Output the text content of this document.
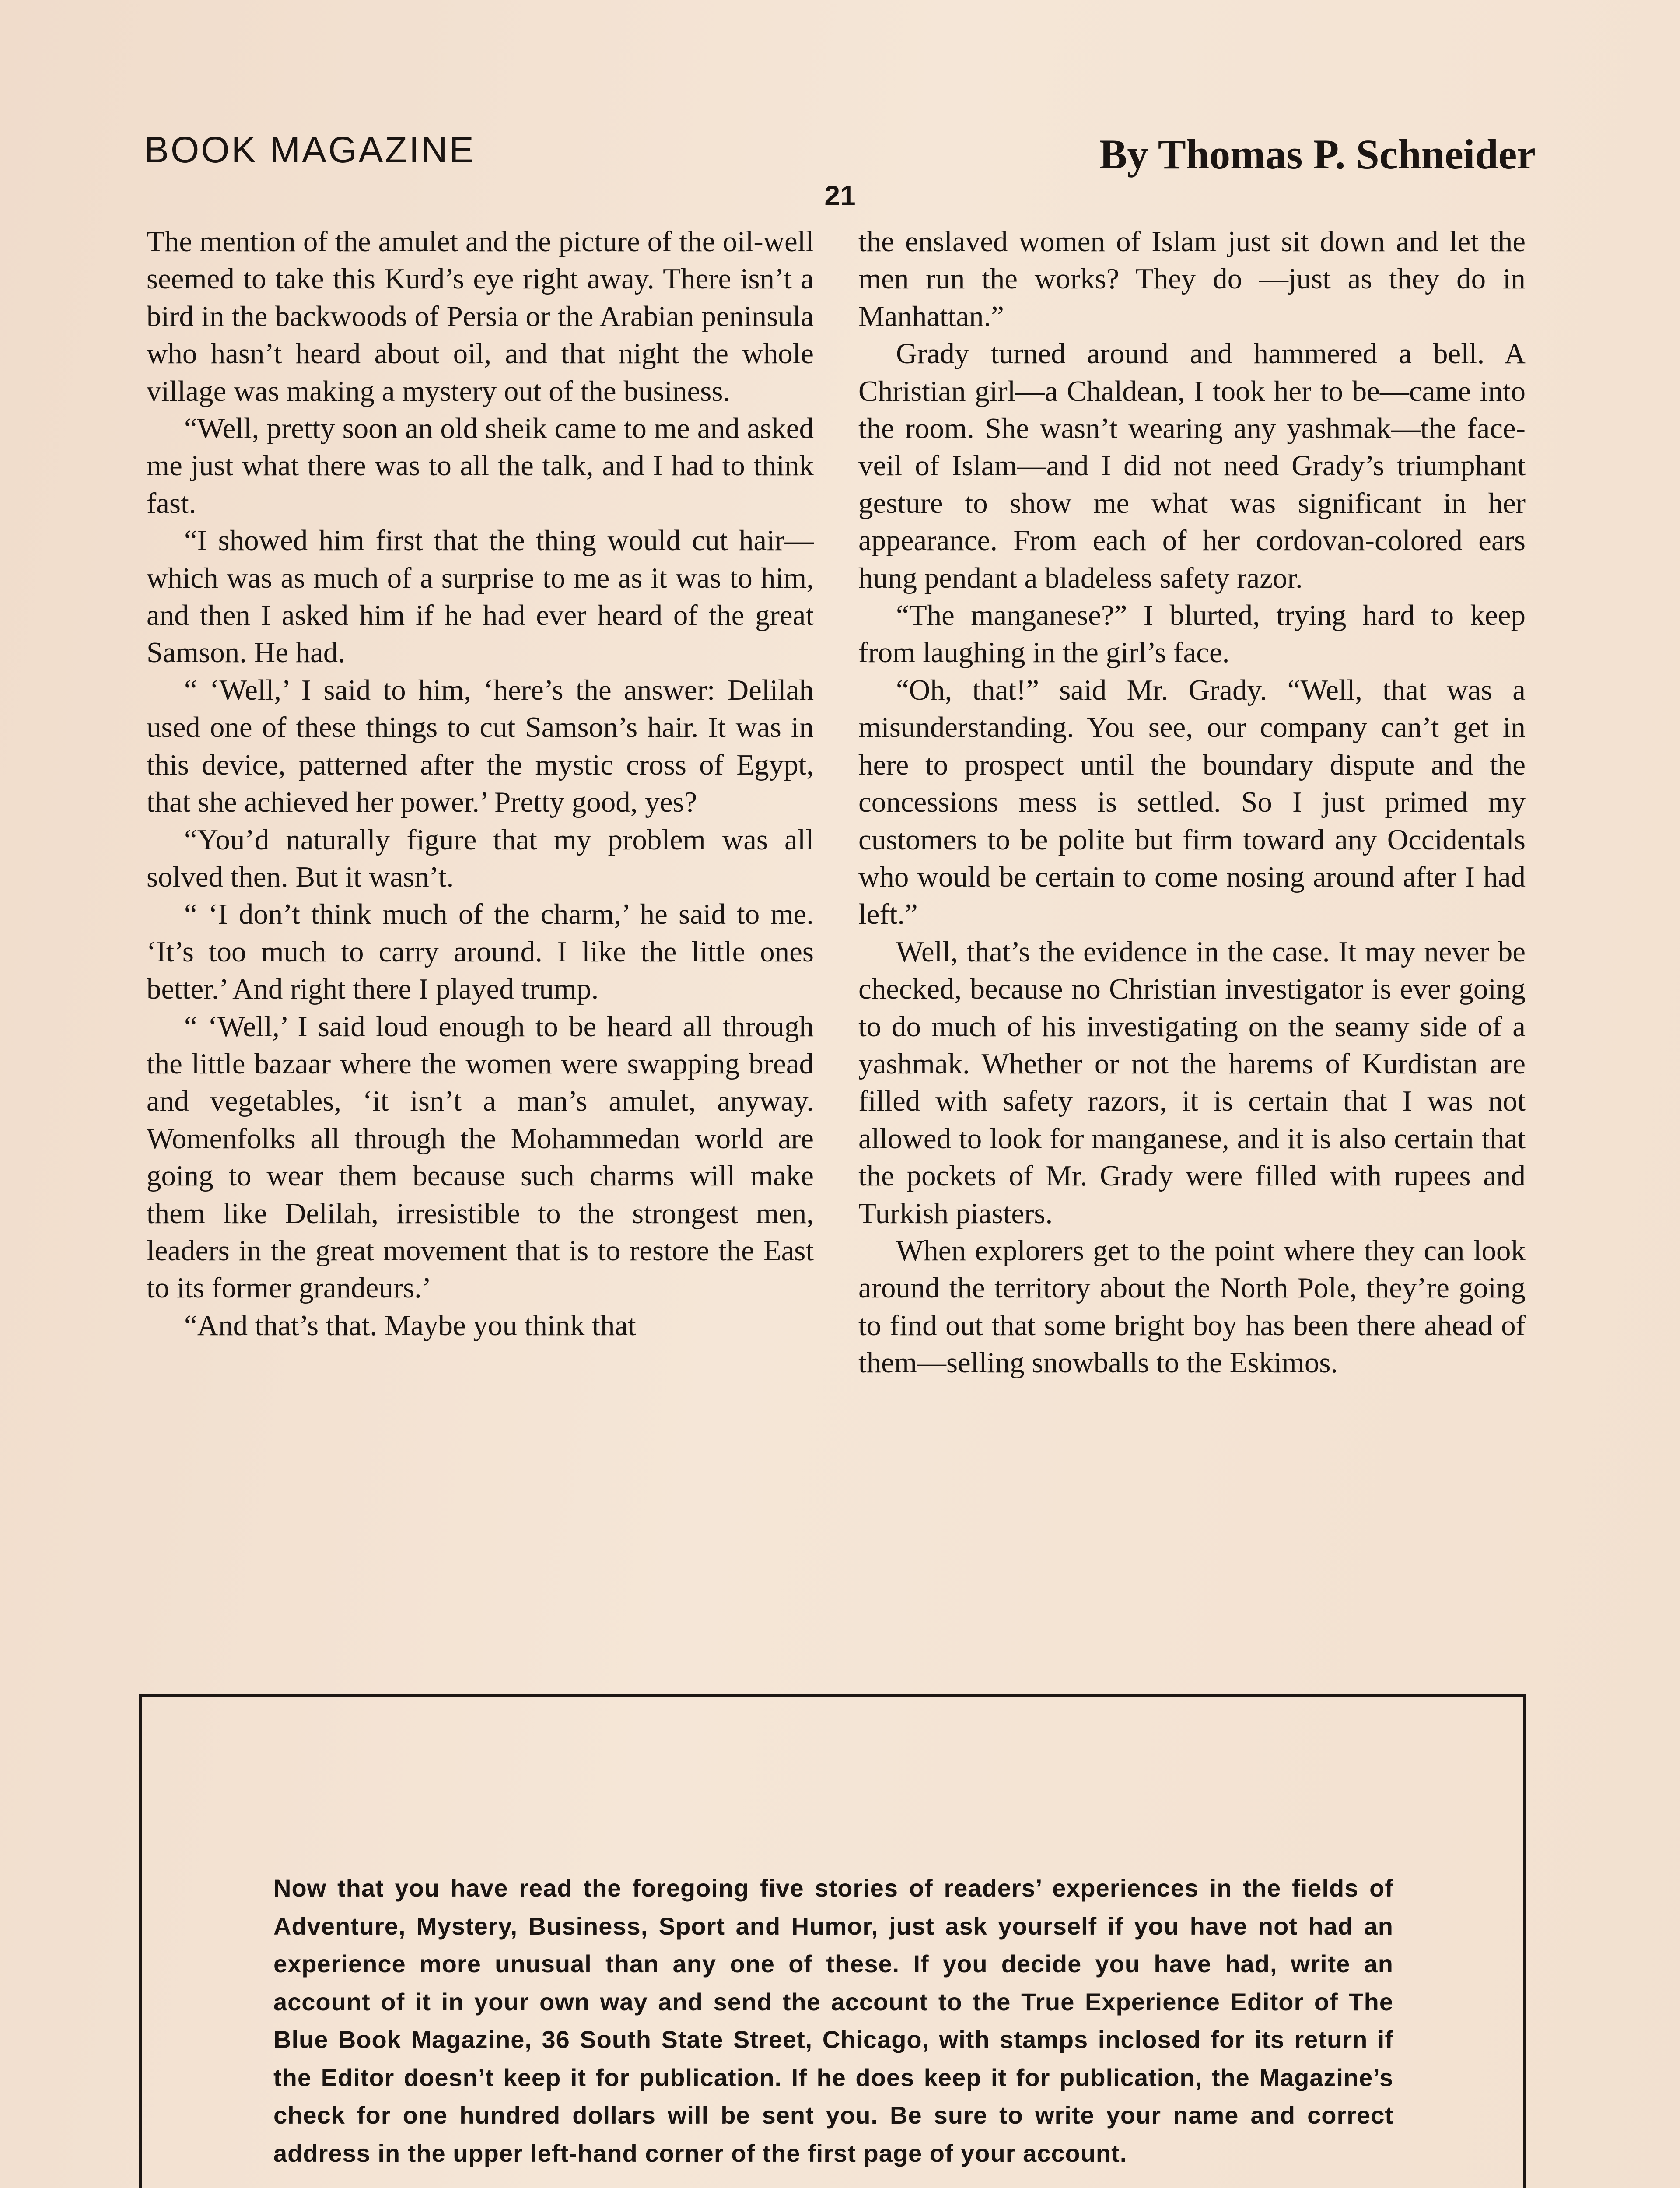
BOOK MAGAZINE	By Thomas P. Schneider
21

The mention of the amulet and the picture of the oil-well seemed to take this Kurd’s eye right away. There isn’t a bird in the backwoods of Persia or the Arabian peninsula who hasn’t heard about oil, and that night the whole village was making a mystery out of the business.

“Well, pretty soon an old sheik came to me and asked me just what there was to all the talk, and I had to think fast.

“I showed him first that the thing would cut hair—which was as much of a surprise to me as it was to him, and then I asked him if he had ever heard of the great Samson. He had.

“ ‘Well,’ I said to him, ‘here’s the answer: Delilah used one of these things to cut Samson’s hair. It was in this device, patterned after the mystic cross of Egypt, that she achieved her power.’ Pretty good, yes?

“You’d naturally figure that my problem was all solved then. But it wasn’t.

“ ‘I don’t think much of the charm,’ he said to me. ‘It’s too much to carry around. I like the little ones better.’ And right there I played trump.

“ ‘Well,’ I said loud enough to be heard all through the little bazaar where the women were swapping bread and vegetables, ‘it isn’t a man’s amulet, anyway. Womenfolks all through the Mohammedan world are going to wear them because such charms will make them like Delilah, irresistible to the strongest men, leaders in the great movement that is to restore the East to its former grandeurs.’

“And that’s that. Maybe you think that

the enslaved women of Islam just sit down and let the men run the works? They do —just as they do in Manhattan.”

Grady turned around and hammered a bell. A Christian girl—a Chaldean, I took her to be—came into the room. She wasn’t wearing any yashmak—the face-veil of Islam—and I did not need Grady’s triumphant gesture to show me what was significant in her appearance. From each of her cordovan-colored ears hung pendant a bladeless safety razor.

“The manganese?” I blurted, trying hard to keep from laughing in the girl’s face.

“Oh, that!” said Mr. Grady. “Well, that was a misunderstanding. You see, our company can’t get in here to prospect until the boundary dispute and the concessions mess is settled. So I just primed my customers to be polite but firm toward any Occidentals who would be certain to come nosing around after I had left.”

Well, that’s the evidence in the case. It may never be checked, because no Christian investigator is ever going to do much of his investigating on the seamy side of a yashmak. Whether or not the harems of Kurdistan are filled with safety razors, it is certain that I was not allowed to look for manganese, and it is also certain that the pockets of Mr. Grady were filled with rupees and Turkish piasters.

When explorers get to the point where they can look around the territory about the North Pole, they’re going to find out that some bright boy has been there ahead of them—selling snowballs to the Eskimos.

Now that you have read the foregoing five stories of readers’ experiences in the fields of Adventure, Mystery, Business, Sport and Humor, just ask yourself if you have not had an experience more unusual than any one of these. If you decide you have had, write an account of it in your own way and send the account to the True Experience Editor of The Blue Book Magazine, 36 South State Street, Chicago, with stamps inclosed for its return if the Editor doesn’t keep it for publication. If he does keep it for publication, the Magazine’s check for one hundred dollars will be sent you. Be sure to write your name and correct address in the upper left-hand corner of the first page of your account.
